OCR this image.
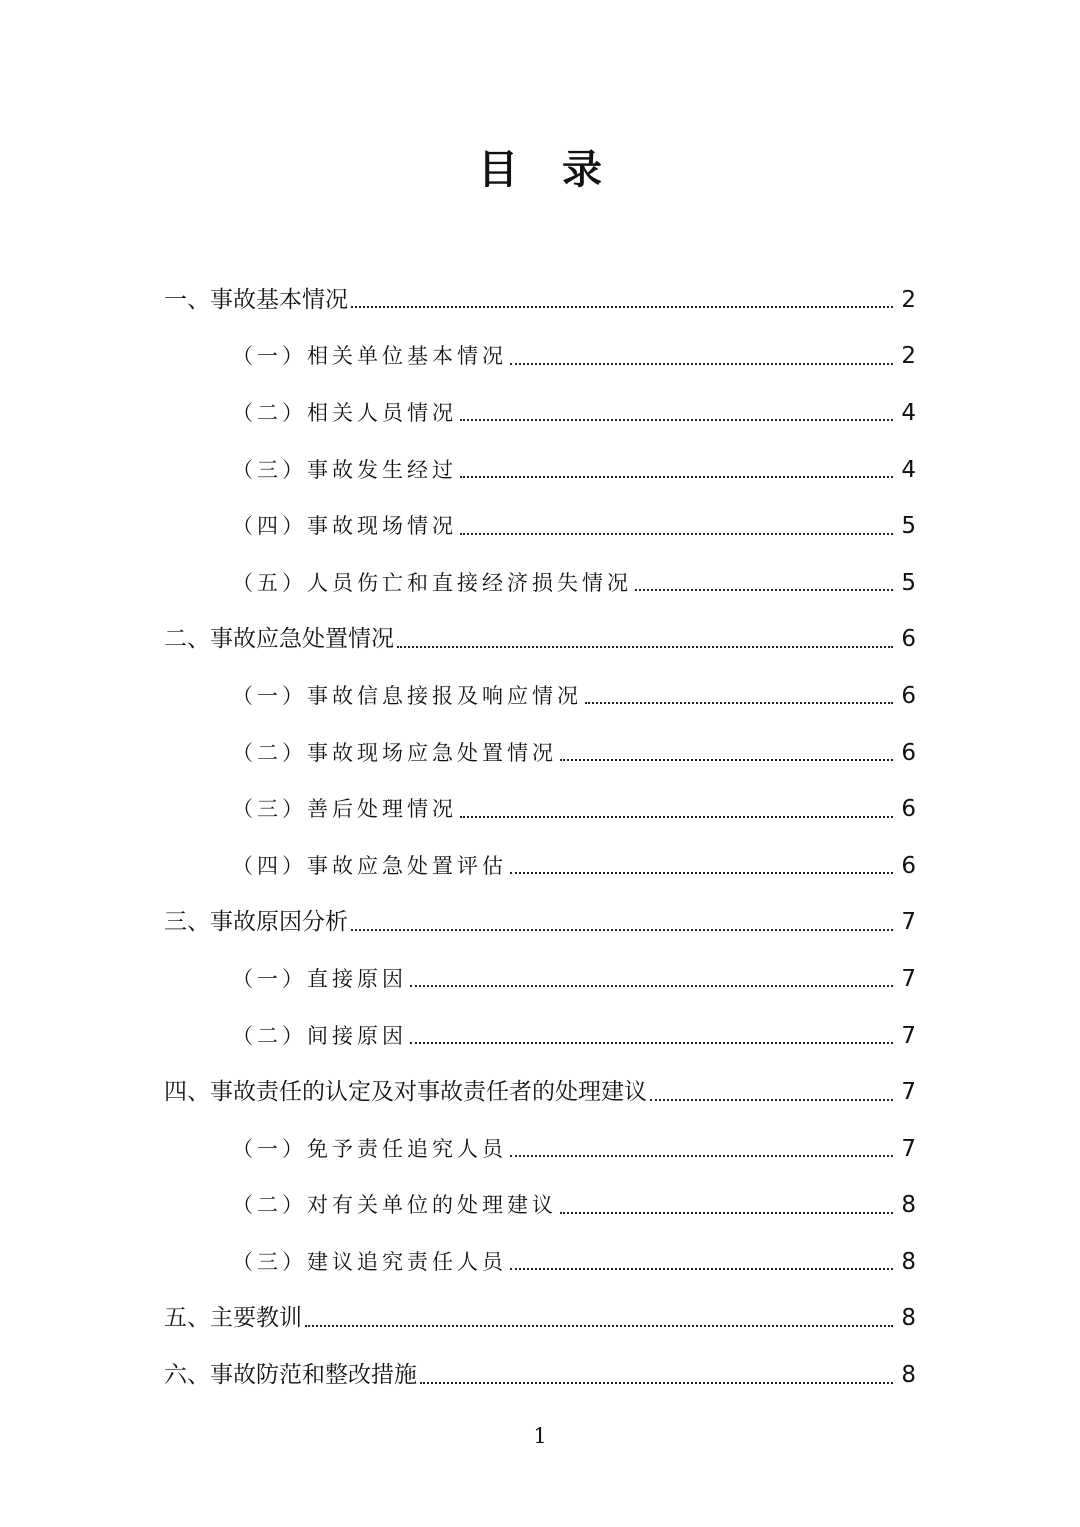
目录
一、事故基本情况	2
（一）相关单位基本情况	2
（二）相关人员情况	4
（三）事故发生经过	4
（四）事故现场情况	5
（五）人员伤亡和直接经济损失情况	5
二、事故应急处置情况	6
（一）事故信息接报及响应情况	6
（二）事故现场应急处置情况	6
（三）善后处理情况	6
（四）事故应急处置评估	6
三、事故原因分析	7
（一）直接原因	7
（二）间接原因	7
四、事故责任的认定及对事故责任者的处理建议	7
（一）免予责任追究人员	7
（二）对有关单位的处理建议	8
（三）建议追究责任人员	8
五、主要教训	8
六、事故防范和整改措施	8
1
